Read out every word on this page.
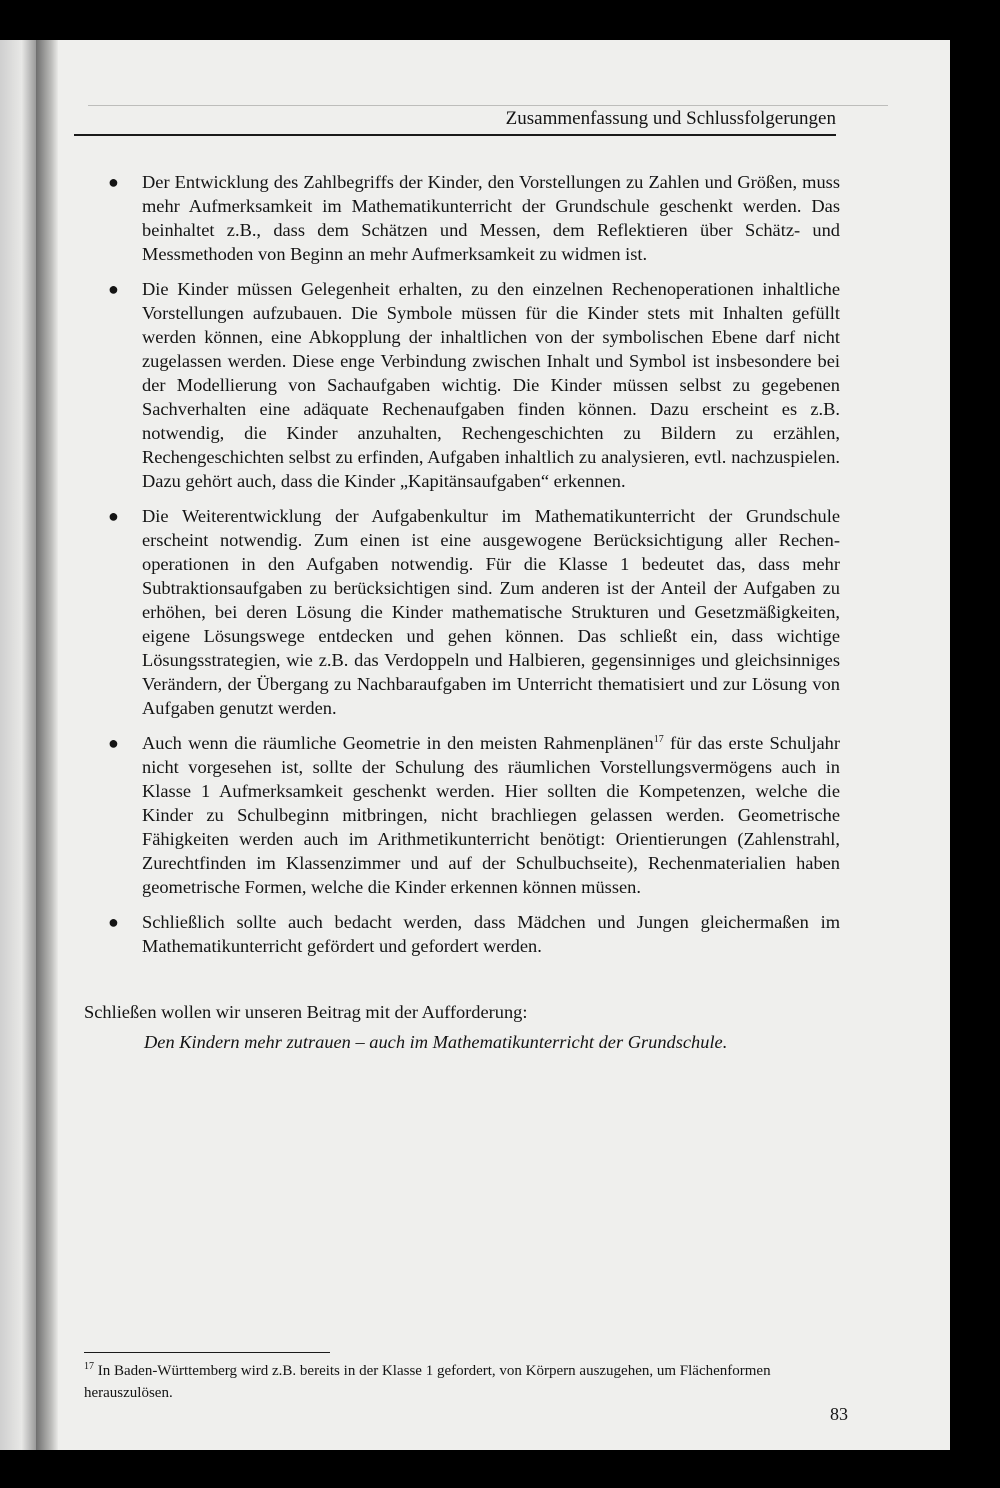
Zusammenfassung und Schlussfolgerungen
● Der Entwicklung des Zahlbegriffs der Kinder, den Vorstellungen zu Zahlen und Größen, muss mehr Aufmerksamkeit im Mathematikunterricht der Grundschule geschenkt werden. Das beinhaltet z.B., dass dem Schätzen und Messen, dem Reflektieren über Schätz- und Messmethoden von Beginn an mehr Aufmerksamkeit zu widmen ist.
● Die Kinder müssen Gelegenheit erhalten, zu den einzelnen Rechenoperationen inhaltliche Vorstellungen aufzubauen. Die Symbole müssen für die Kinder stets mit Inhalten gefüllt werden können, eine Abkopplung der inhaltlichen von der symbolischen Ebene darf nicht zugelassen werden. Diese enge Verbindung zwischen Inhalt und Symbol ist insbesondere bei der Modellierung von Sachaufgaben wichtig. Die Kinder müssen selbst zu gegebenen Sachverhalten eine adäquate Rechenaufgaben finden können. Dazu erscheint es z.B. notwendig, die Kinder anzuhalten, Rechengeschichten zu Bildern zu erzählen, Rechengeschichten selbst zu erfinden, Aufgaben inhaltlich zu analysieren, evtl. nachzuspielen. Dazu gehört auch, dass die Kinder „Kapitänsaufgaben“ erkennen.
● Die Weiterentwicklung der Aufgabenkultur im Mathematikunterricht der Grundschule erscheint notwendig. Zum einen ist eine ausgewogene Berücksichtigung aller Rechenoperationen in den Aufgaben notwendig. Für die Klasse 1 bedeutet das, dass mehr Subtraktionsaufgaben zu berücksichtigen sind. Zum anderen ist der Anteil der Aufgaben zu erhöhen, bei deren Lösung die Kinder mathematische Strukturen und Gesetzmäßigkeiten, eigene Lösungswege entdecken und gehen können. Das schließt ein, dass wichtige Lösungsstrategien, wie z.B. das Verdoppeln und Halbieren, gegensinniges und gleichsinniges Verändern, der Übergang zu Nachbaraufgaben im Unterricht thematisiert und zur Lösung von Aufgaben genutzt werden.
● Auch wenn die räumliche Geometrie in den meisten Rahmenplänen$^{17}$ für das erste Schuljahr nicht vorgesehen ist, sollte der Schulung des räumlichen Vorstellungsvermögens auch in Klasse 1 Aufmerksamkeit geschenkt werden. Hier sollten die Kompetenzen, welche die Kinder zu Schulbeginn mitbringen, nicht brachliegen gelassen werden. Geometrische Fähigkeiten werden auch im Arithmetikunterricht benötigt: Orientierungen (Zahlenstrahl, Zurechtfinden im Klassenzimmer und auf der Schulbuchseite), Rechenmaterialien haben geometrische Formen, welche die Kinder erkennen können müssen.
● Schließlich sollte auch bedacht werden, dass Mädchen und Jungen gleichermaßen im Mathematikunterricht gefördert und gefordert werden.
Schließen wollen wir unseren Beitrag mit der Aufforderung:
Den Kindern mehr zutrauen – auch im Mathematikunterricht der Grundschule.
$^{17}$ In Baden-Württemberg wird z.B. bereits in der Klasse 1 gefordert, von Körpern auszugehen, um Flächenformen herauszulösen.
83
